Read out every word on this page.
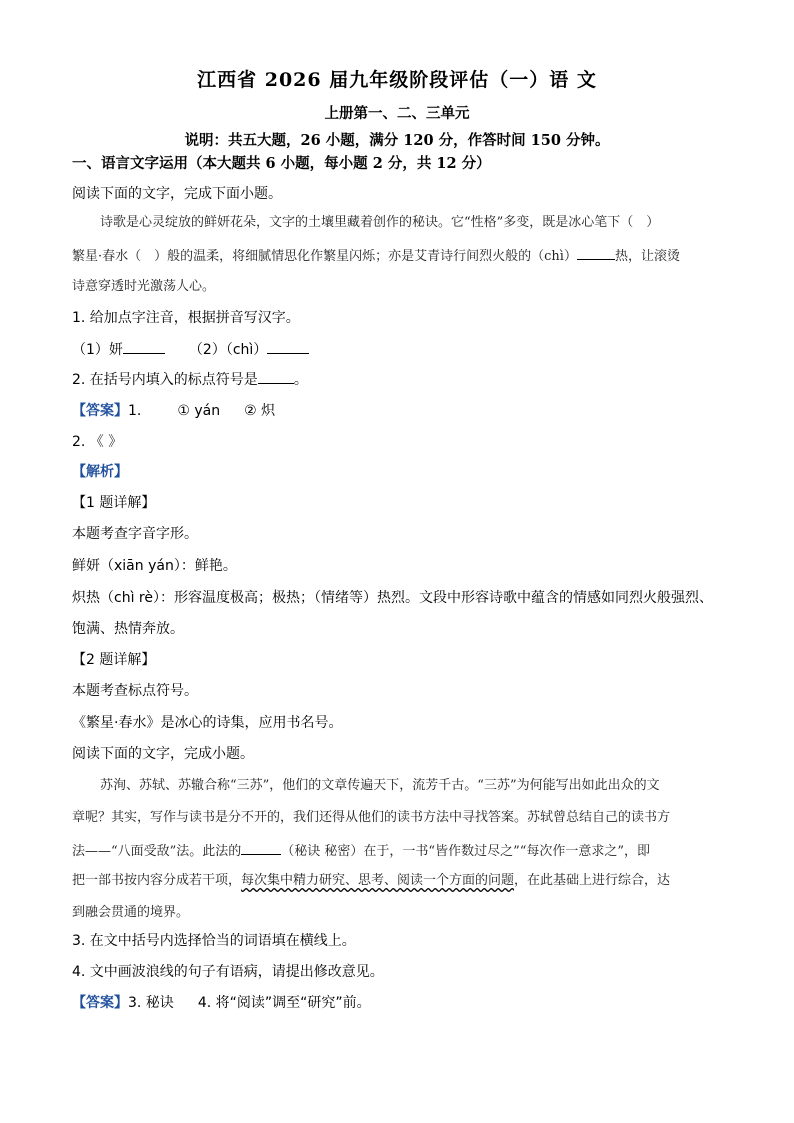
江西省 2026 届九年级阶段评估（一）语 文
上册第一、二、三单元
说明：共五大题，26 小题，满分 120 分，作答时间 150 分钟。
一、语言文字运用（本大题共 6 小题，每小题 2 分，共 12 分）
阅读下面的文字，完成下面小题。
诗歌是心灵绽放的鲜妍花朵，文字的土壤里藏着创作的秘诀。它“性格”多变，既是冰心笔下（　）
繁星·春水（　）般的温柔，将细腻情思化作繁星闪烁；亦是艾青诗行间烈火般的（chì）	热，让滚烫
诗意穿透时光激荡人心。
1. 给加点字注音，根据拼音写汉字。
（1）妍	（2）（chì）
2. 在括号内填入的标点符号是	。
【答案】1.	① yán ② 炽
2. 《 》
【解析】
【1 题详解】
本题考查字音字形。
鲜妍（xiān yán）：鲜艳。
炽热（chì rè）：形容温度极高；极热；（情绪等）热烈。文段中形容诗歌中蕴含的情感如同烈火般强烈、
饱满、热情奔放。
【2 题详解】
本题考查标点符号。
《繁星·春水》是冰心的诗集，应用书名号。
阅读下面的文字，完成小题。
苏洵、苏轼、苏辙合称“三苏”，他们的文章传遍天下，流芳千古。“三苏”为何能写出如此出众的文
章呢？其实，写作与读书是分不开的，我们还得从他们的读书方法中寻找答案。苏轼曾总结自己的读书方
法——“八面受敌”法。此法的	（秘诀 秘密）在于，一书“皆作数过尽之”“每次作一意求之”，即
把一部书按内容分成若干项，每次集中精力研究、思考、阅读一个方面的问题，在此基础上进行综合，达
到融会贯通的境界。
3. 在文中括号内选择恰当的词语填在横线上。
4. 文中画波浪线的句子有语病，请提出修改意见。
【答案】3. 秘诀 4. 将“阅读”调至“研究”前。
